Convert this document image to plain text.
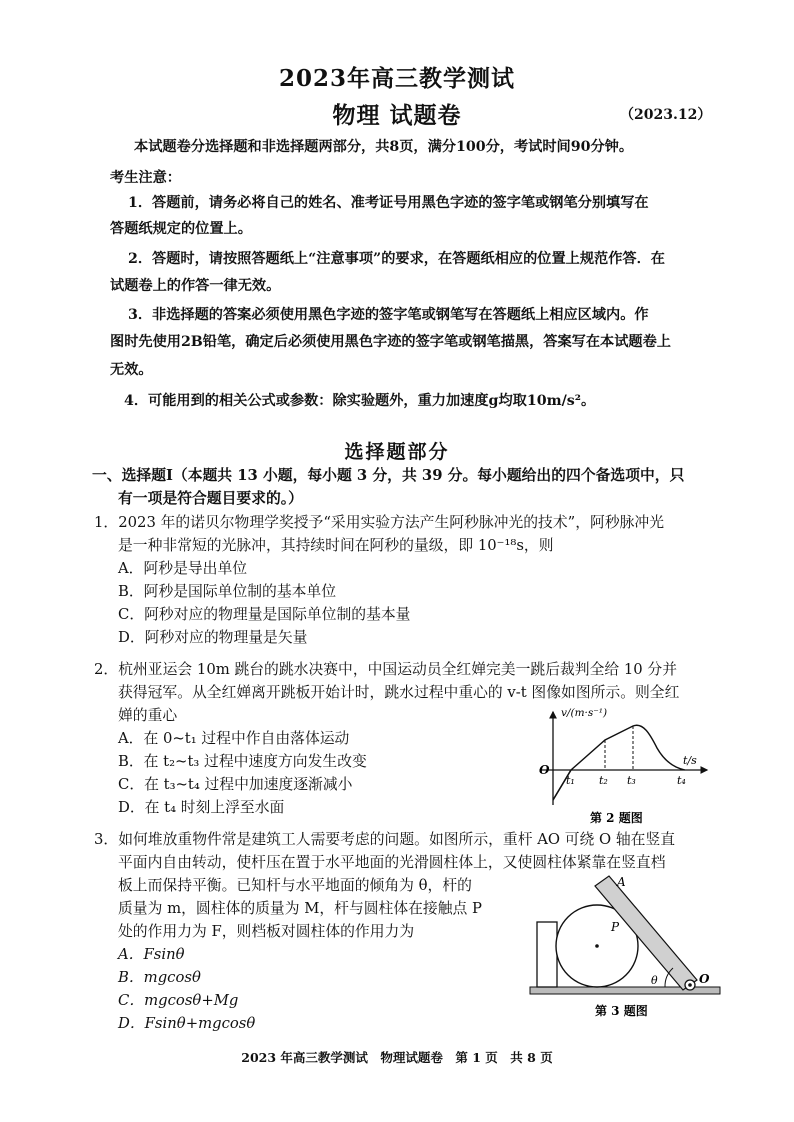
2023年高三教学测试
物理 试题卷	（2023.12）
本试题卷分选择题和非选择题两部分，共8页，满分100分，考试时间90分钟。
考生注意：
1．答题前，请务必将自己的姓名、准考证号用黑色字迹的签字笔或钢笔分别填写在
答题纸规定的位置上。
2．答题时，请按照答题纸上“注意事项”的要求，在答题纸相应的位置上规范作答．在
试题卷上的作答一律无效。
3．非选择题的答案必须使用黑色字迹的签字笔或钢笔写在答题纸上相应区域内。作
图时先使用2B铅笔，确定后必须使用黑色字迹的签字笔或钢笔描黑，答案写在本试题卷上
无效。
4．可能用到的相关公式或参数：除实验题外，重力加速度g均取10m/s²。
选择题部分
一、选择题Ⅰ（本题共 13 小题，每小题 3 分，共 39 分。每小题给出的四个备选项中，只
有一项是符合题目要求的。）
1．2023 年的诺贝尔物理学奖授予“采用实验方法产生阿秒脉冲光的技术”，阿秒脉冲光
是一种非常短的光脉冲，其持续时间在阿秒的量级，即 10⁻¹⁸s，则
A．阿秒是导出单位
B．阿秒是国际单位制的基本单位
C．阿秒对应的物理量是国际单位制的基本量
D．阿秒对应的物理量是矢量
2．杭州亚运会 10m 跳台的跳水决赛中，中国运动员全红婵完美一跳后裁判全给 10 分并
获得冠军。从全红婵离开跳板开始计时，跳水过程中重心的 v-t 图像如图所示。则全红
婵的重心
A．在 0~t₁ 过程中作自由落体运动
B．在 t₂~t₃ 过程中速度方向发生改变
C．在 t₃~t₄ 过程中加速度逐渐减小
D．在 t₄ 时刻上浮至水面
v/(m·s⁻¹)
t/s
O
t₁ t₂ t₃	t₄
第 2 题图
3．如何堆放重物件常是建筑工人需要考虑的问题。如图所示，重杆 AO 可绕 O 轴在竖直
平面内自由转动，使杆压在置于水平地面的光滑圆柱体上，又使圆柱体紧靠在竖直档
板上而保持平衡。已知杆与水平地面的倾角为 θ，杆的
质量为 m，圆柱体的质量为 M，杆与圆柱体在接触点 P
处的作用力为 F，则档板对圆柱体的作用力为
A．Fsinθ
B．mgcosθ
C．mgcosθ+Mg
D．Fsinθ+mgcosθ
A
P
θ	O
第 3 题图
2023 年高三教学测试　物理试题卷　第 1 页　共 8 页
